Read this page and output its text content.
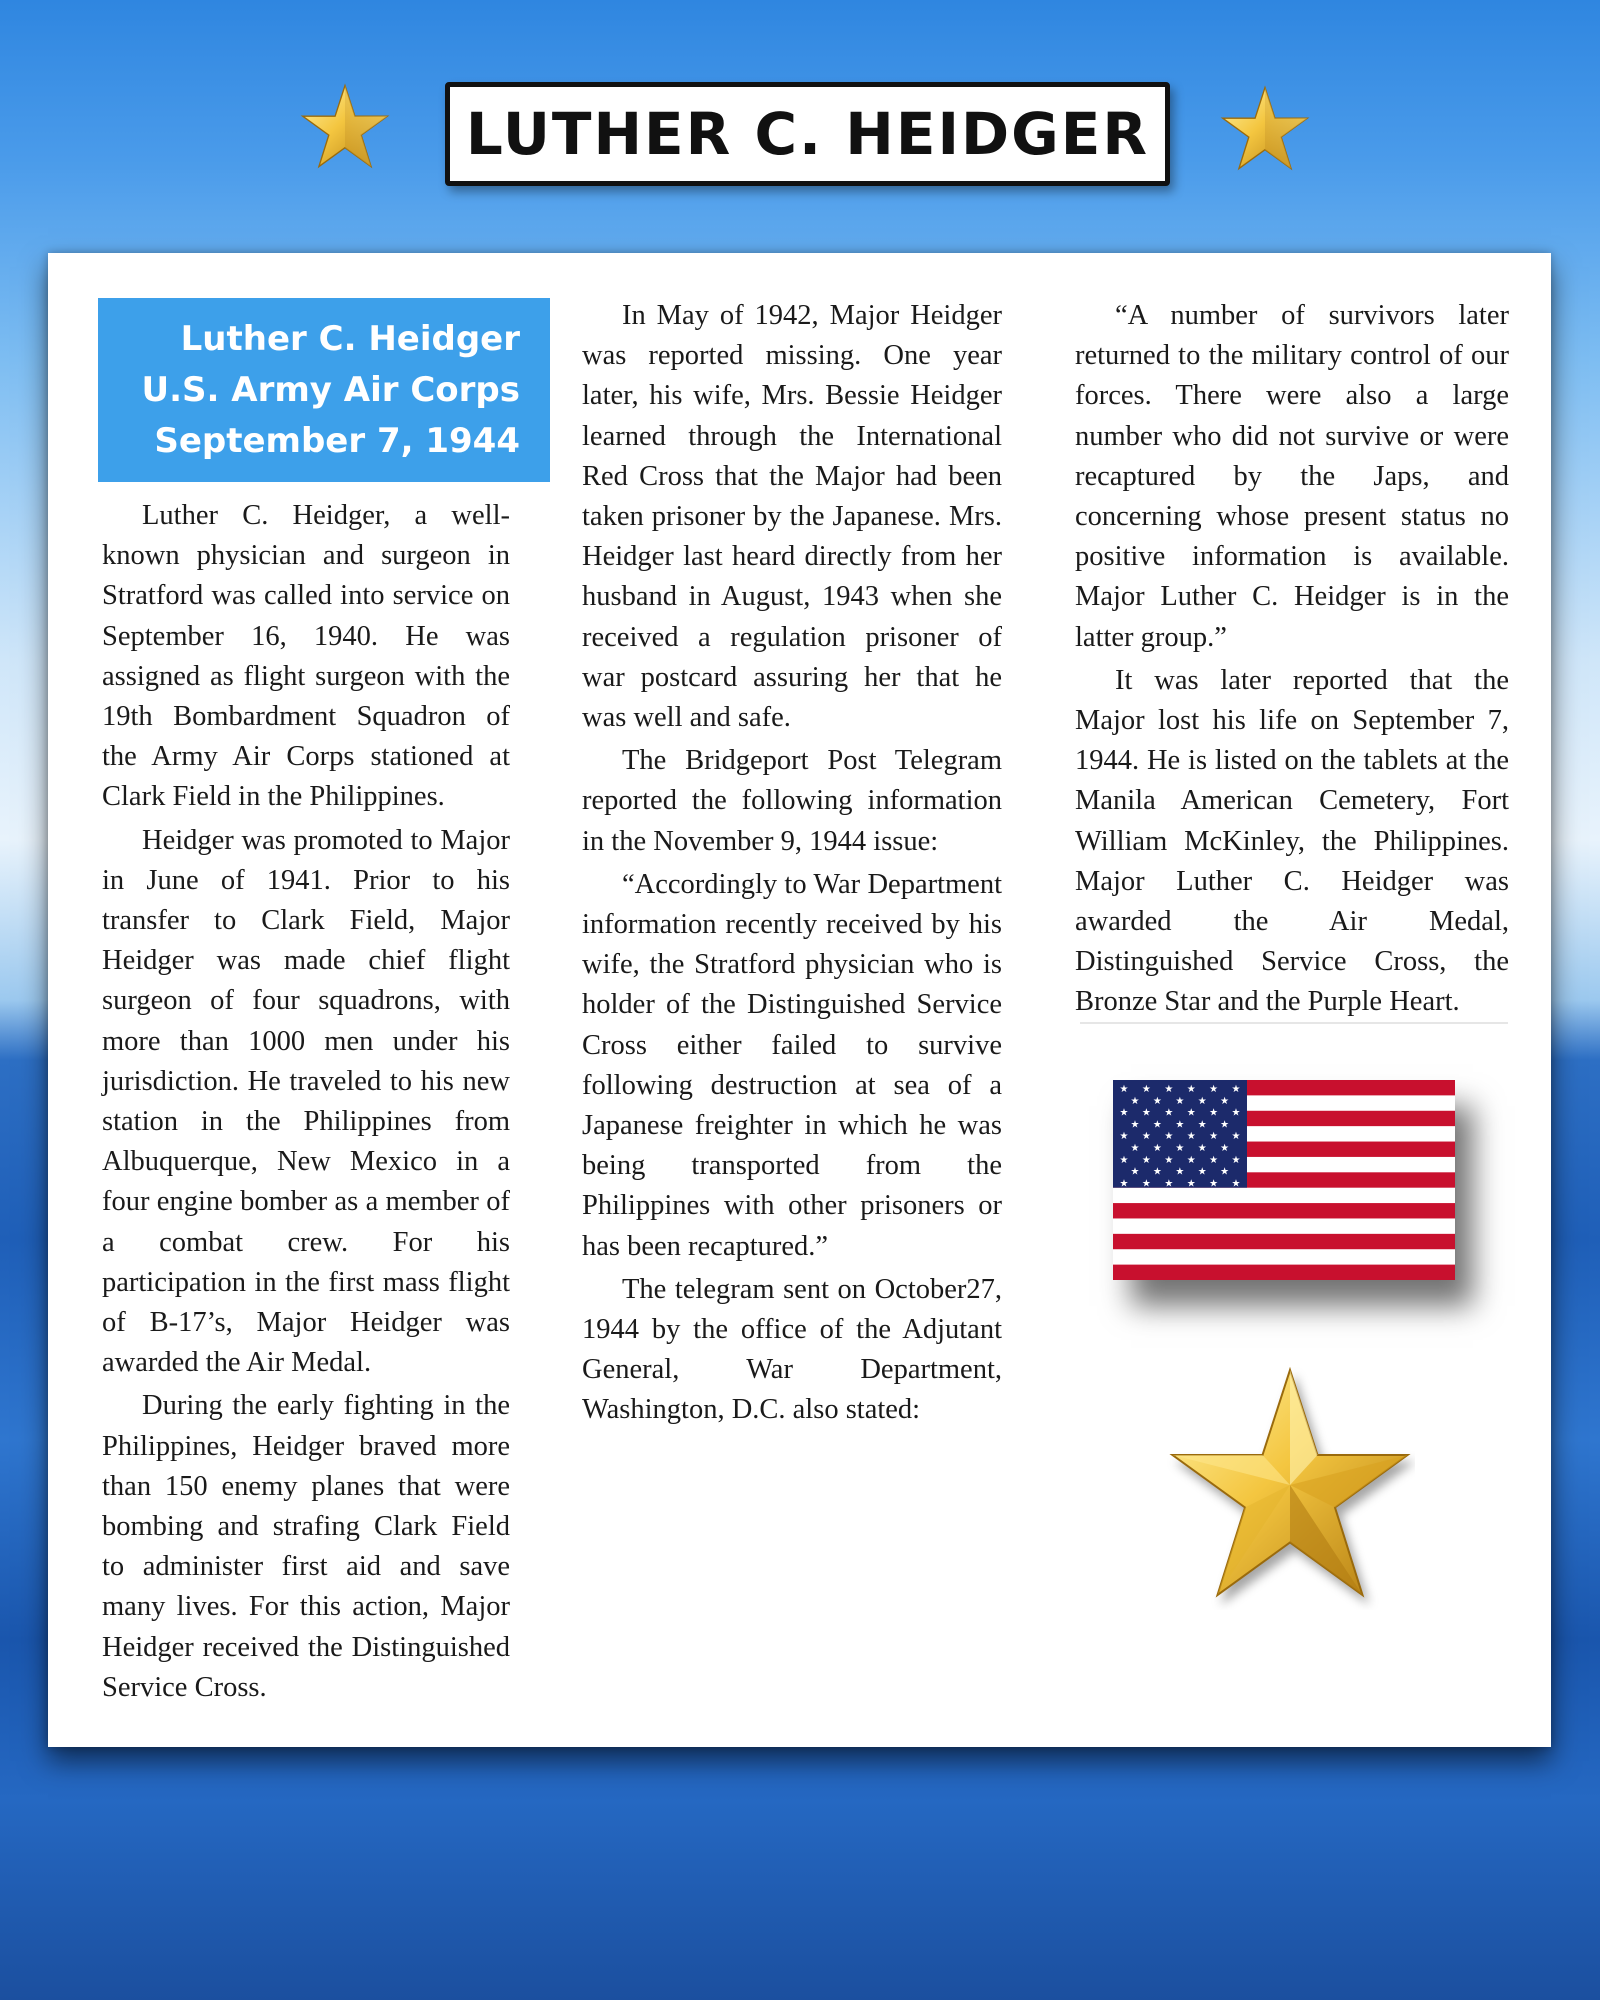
LUTHER C. HEIDGER
Luther C. Heidger
U.S. Army Air Corps
September 7, 1944

Luther C. Heidger, a well-known physician and surgeon in Stratford was called into service on September 16, 1940. He was assigned as flight surgeon with the 19th Bombardment Squadron of the Army Air Corps stationed at Clark Field in the Philippines.

Heidger was promoted to Major in June of 1941. Prior to his transfer to Clark Field, Major Heidger was made chief flight surgeon of four squadrons, with more than 1000 men under his jurisdiction. He traveled to his new station in the Philippines from Albuquerque, New Mexico in a four engine bomber as a member of a combat crew. For his participation in the first mass flight of B-17’s, Major Heidger was awarded the Air Medal.

During the early fighting in the Philippines, Heidger braved more than 150 enemy planes that were bombing and strafing Clark Field to administer first aid and save many lives. For this action, Major Heidger received the Distinguished Service Cross.

In May of 1942, Major Heidger was reported missing. One year later, his wife, Mrs. Bessie Heidger learned through the International Red Cross that the Major had been taken prisoner by the Japanese. Mrs. Heidger last heard directly from her husband in August, 1943 when she received a regulation prisoner of war postcard assuring her that he was well and safe.

The Bridgeport Post Telegram reported the following information in the November 9, 1944 issue:

“Accordingly to War Department information recently received by his wife, the Stratford physician who is holder of the Distinguished Service Cross either failed to survive following destruction at sea of a Japanese freighter in which he was being transported from the Philippines with other prisoners or has been recaptured.”

The telegram sent on October27, 1944 by the office of the Adjutant General, War Department, Washington, D.C. also stated:

“A number of survivors later returned to the military control of our forces. There were also a large number who did not survive or were recaptured by the Japs, and concerning whose present status no positive information is available. Major Luther C. Heidger is in the latter group.”

It was later reported that the Major lost his life on September 7, 1944. He is listed on the tablets at the Manila American Cemetery, Fort William McKinley, the Philippines. Major Luther C. Heidger was awarded the Air Medal, Distinguished Service Cross, the Bronze Star and the Purple Heart.

★ ★ ★ ★ ★ ★
★ ★ ★ ★ ★
★ ★ ★ ★ ★ ★
★ ★ ★ ★ ★
★ ★ ★ ★ ★ ★
★ ★ ★ ★ ★
★ ★ ★ ★ ★ ★
★ ★ ★ ★ ★
★ ★ ★ ★ ★ ★
